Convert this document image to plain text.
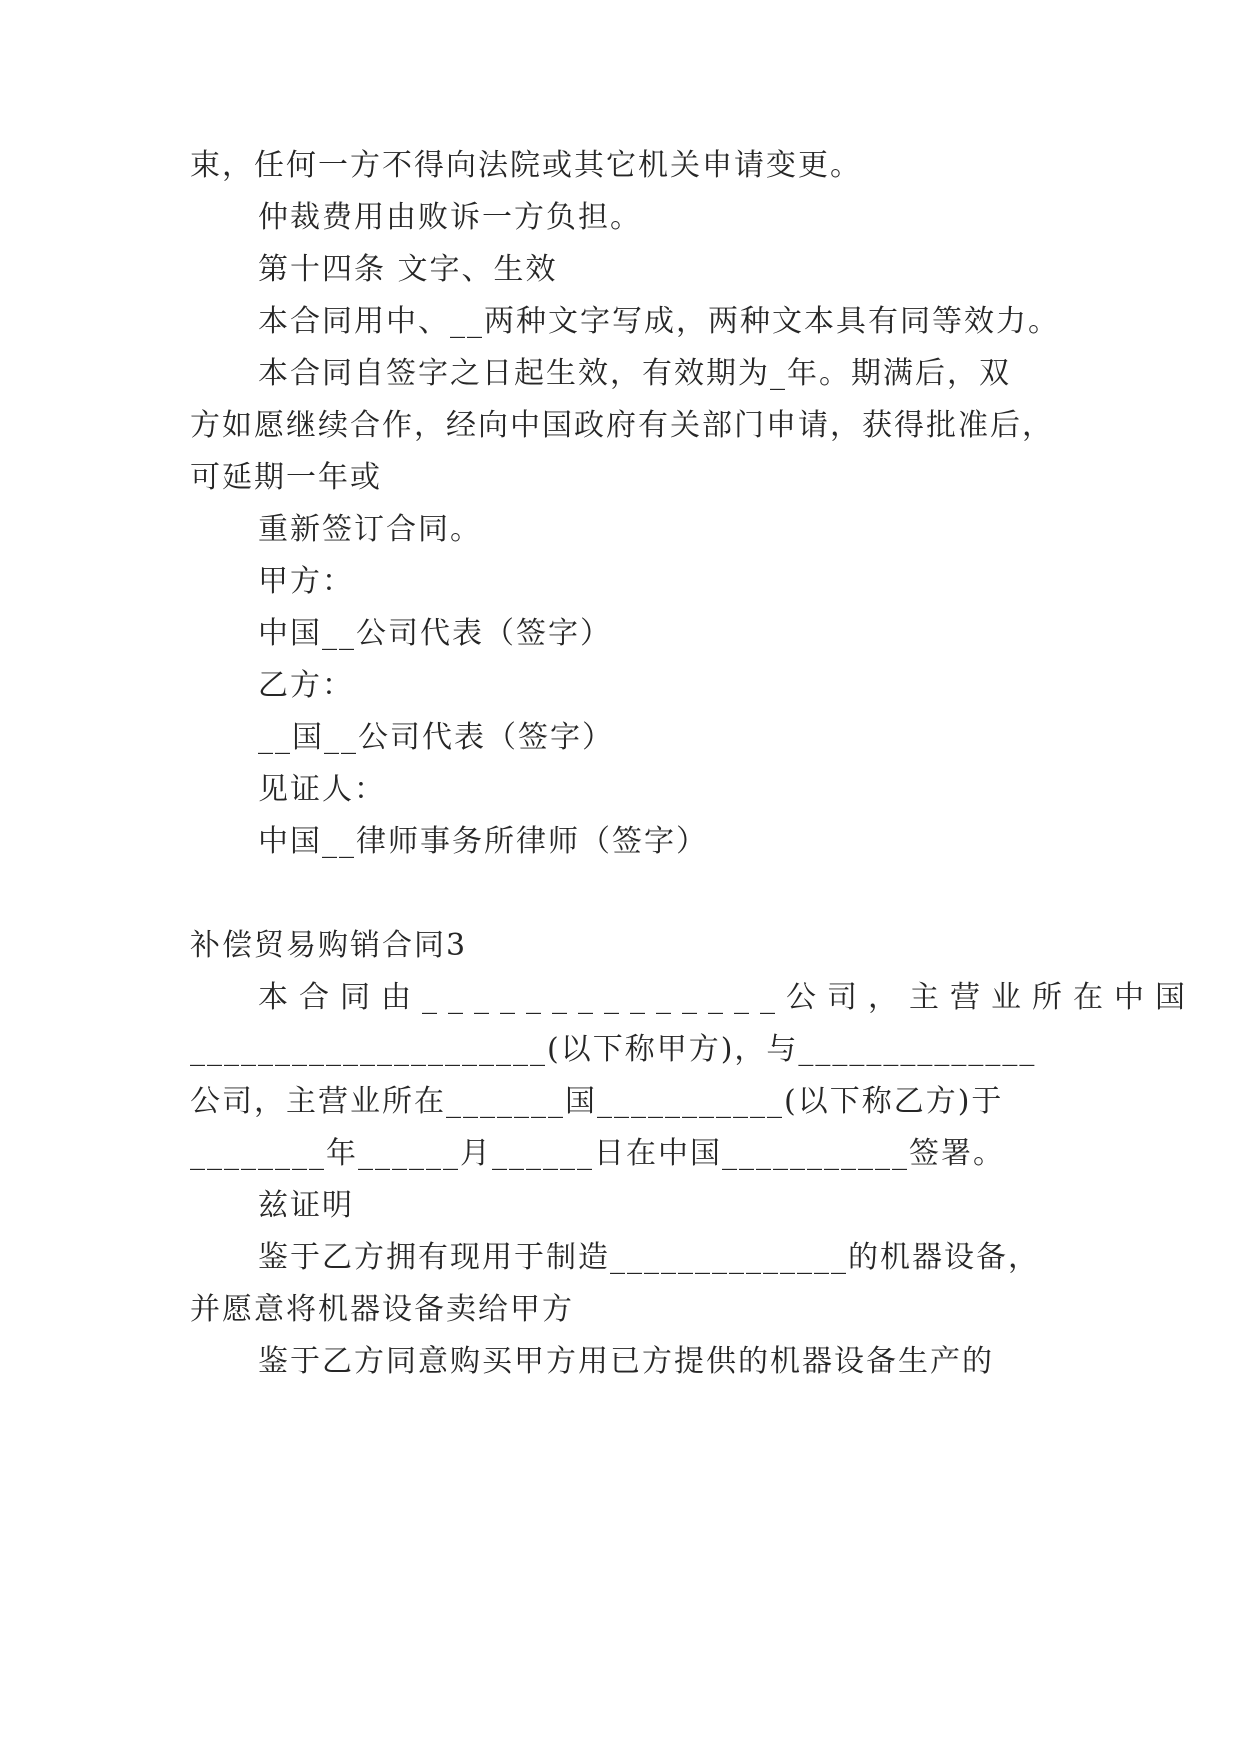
束，任何一方不得向法院或其它机关申请变更。
仲裁费用由败诉一方负担。
第十四条 文字、生效
本合同用中、__两种文字写成，两种文本具有同等效力。
本合同自签字之日起生效，有效期为_年。期满后，双
方如愿继续合作，经向中国政府有关部门申请，获得批准后，
可延期一年或
重新签订合同。
甲方：
中国__公司代表（签字）
乙方：
__国__公司代表（签字）
见证人：
中国__律师事务所律师（签字）
补偿贸易购销合同3
本合同由______________公司，主营业所在中国
_____________________(以下称甲方)，与______________
公司，主营业所在_______国___________(以下称乙方)于
________年______月______日在中国___________签署。
兹证明
鉴于乙方拥有现用于制造______________的机器设备，
并愿意将机器设备卖给甲方
鉴于乙方同意购买甲方用已方提供的机器设备生产的
